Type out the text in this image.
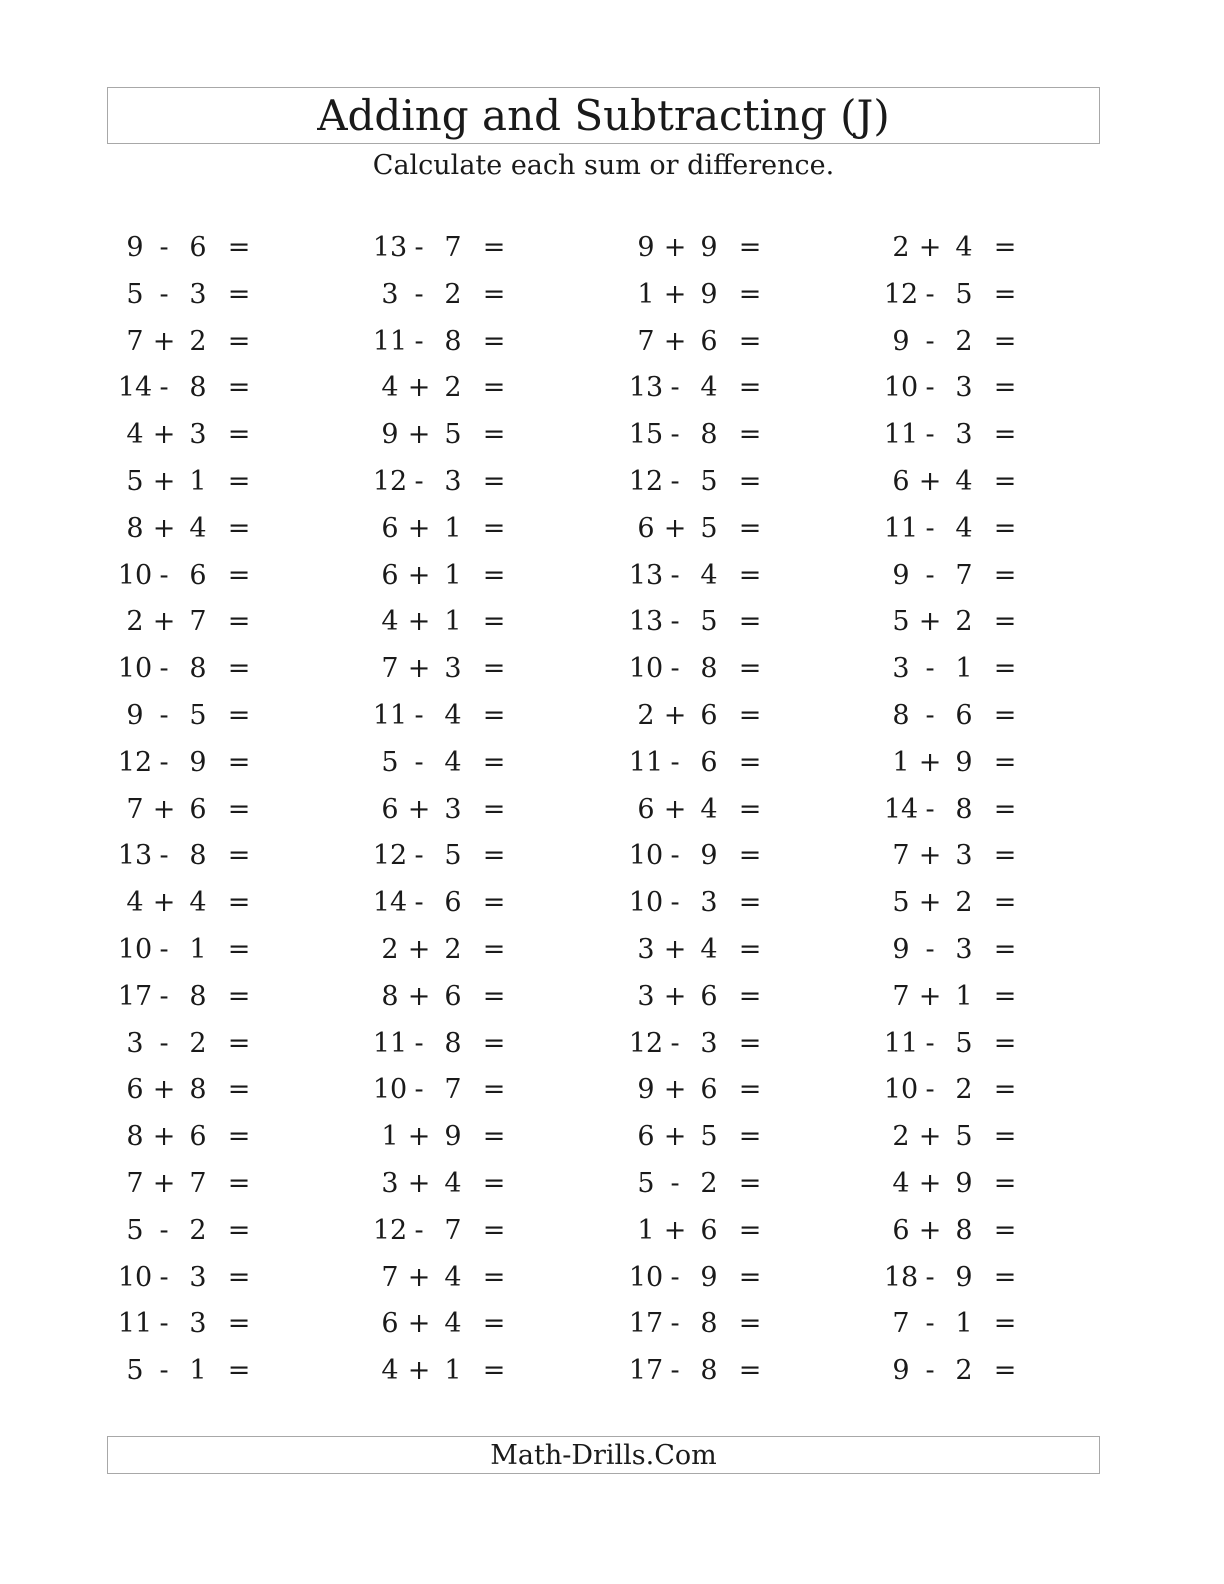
Adding and Subtracting (J)
Calculate each sum or difference.
9 - 6 =
5 - 3 =
7 + 2 =
14 - 8 =
4 + 3 =
5 + 1 =
8 + 4 =
10 - 6 =
2 + 7 =
10 - 8 =
9 - 5 =
12 - 9 =
7 + 6 =
13 - 8 =
4 + 4 =
10 - 1 =
17 - 8 =
3 - 2 =
6 + 8 =
8 + 6 =
7 + 7 =
5 - 2 =
10 - 3 =
11 - 3 =
5 - 1 =
13 - 7 =
3 - 2 =
11 - 8 =
4 + 2 =
9 + 5 =
12 - 3 =
6 + 1 =
6 + 1 =
4 + 1 =
7 + 3 =
11 - 4 =
5 - 4 =
6 + 3 =
12 - 5 =
14 - 6 =
2 + 2 =
8 + 6 =
11 - 8 =
10 - 7 =
1 + 9 =
3 + 4 =
12 - 7 =
7 + 4 =
6 + 4 =
4 + 1 =
9 + 9 =
1 + 9 =
7 + 6 =
13 - 4 =
15 - 8 =
12 - 5 =
6 + 5 =
13 - 4 =
13 - 5 =
10 - 8 =
2 + 6 =
11 - 6 =
6 + 4 =
10 - 9 =
10 - 3 =
3 + 4 =
3 + 6 =
12 - 3 =
9 + 6 =
6 + 5 =
5 - 2 =
1 + 6 =
10 - 9 =
17 - 8 =
17 - 8 =
2 + 4 =
12 - 5 =
9 - 2 =
10 - 3 =
11 - 3 =
6 + 4 =
11 - 4 =
9 - 7 =
5 + 2 =
3 - 1 =
8 - 6 =
1 + 9 =
14 - 8 =
7 + 3 =
5 + 2 =
9 - 3 =
7 + 1 =
11 - 5 =
10 - 2 =
2 + 5 =
4 + 9 =
6 + 8 =
18 - 9 =
7 - 1 =
9 - 2 =
Math-Drills.Com
